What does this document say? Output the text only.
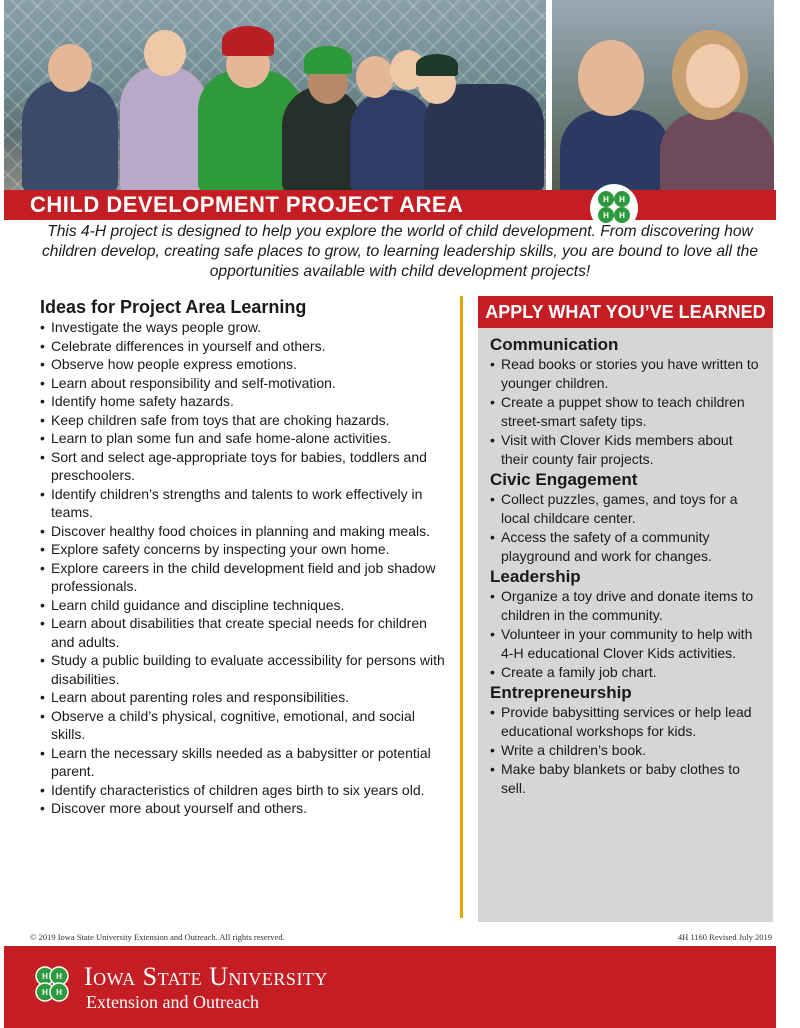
CHILD DEVELOPMENT PROJECT AREA	H H
H H

This 4-H project is designed to help you explore the world of child development. From discovering how children develop, creating safe places to grow, to learning leadership skills, you are bound to love all the opportunities available with child development projects!

Ideas for Project Area Learning
• Investigate the ways people grow.
• Celebrate differences in yourself and others.
• Observe how people express emotions.
• Learn about responsibility and self-motivation.
• Identify home safety hazards.
• Keep children safe from toys that are choking hazards.
• Learn to plan some fun and safe home-alone activities.
• Sort and select age-appropriate toys for babies, toddlers and preschoolers.
• Identify children’s strengths and talents to work effectively in teams.
• Discover healthy food choices in planning and making meals.
• Explore safety concerns by inspecting your own home.
• Explore careers in the child development field and job shadow professionals.
• Learn child guidance and discipline techniques.
• Learn about disabilities that create special needs for children and adults.
• Study a public building to evaluate accessibility for persons with disabilities.
• Learn about parenting roles and responsibilities.
• Observe a child’s physical, cognitive, emotional, and social skills.
• Learn the necessary skills needed as a babysitter or potential parent.
• Identify characteristics of children ages birth to six years old.
• Discover more about yourself and others.
APPLY WHAT YOU’VE LEARNED
Communication
• Read books or stories you have written to younger children.
• Create a puppet show to teach children street-smart safety tips.
• Visit with Clover Kids members about their county fair projects.
Civic Engagement
• Collect puzzles, games, and toys for a local childcare center.
• Access the safety of a community playground and work for changes.
Leadership
• Organize a toy drive and donate items to children in the community.
• Volunteer in your community to help with 4-H educational Clover Kids activities.
• Create a family job chart.
Entrepreneurship
• Provide babysitting services or help lead educational workshops for kids.
• Write a children’s book.
• Make baby blankets or baby clothes to sell.
© 2019 Iowa State University Extension and Outreach. All rights reserved.	4H 1160 Revised July 2019
H H
H H
Iowa State University
Extension and Outreach
